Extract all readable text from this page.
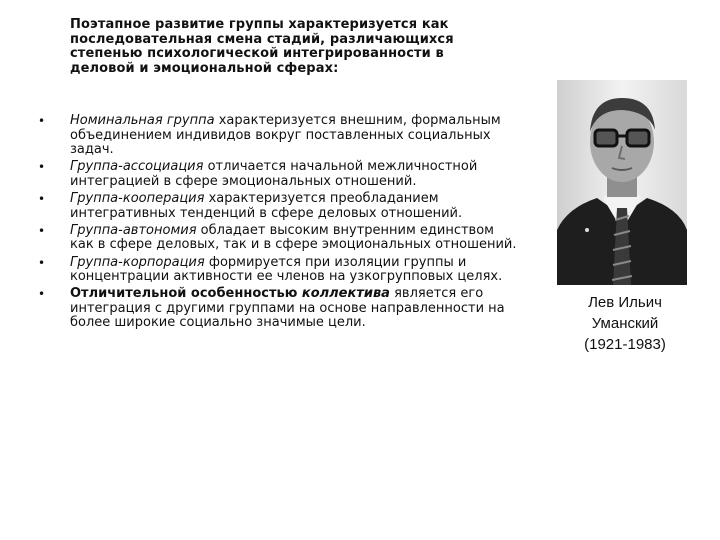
Поэтапное развитие группы характеризуется как последовательная смена стадий, различающихся степенью психологической интегрированности в деловой и эмоциональной сферах:
• Номинальная группа характеризуется внешним, формальным объединением индивидов вокруг поставленных социальных задач.
• Группа-ассоциация отличается начальной межличностной интеграцией в сфере эмоциональных отношений.
• Группа-кооперация характеризуется преобладанием интегративных тенденций в сфере деловых отношений.
• Группа-автономия обладает высоким внутренним единством как в сфере деловых, так и в сфере эмоциональных отношений.
• Группа-корпорация формируется при изоляции группы и концентрации активности ее членов на узкогрупповых целях.
• Отличительной особенностью коллектива является его интеграция с другими группами на основе направленности на более широкие социально значимые цели.
Лев Ильич
Уманский
(1921-1983)
